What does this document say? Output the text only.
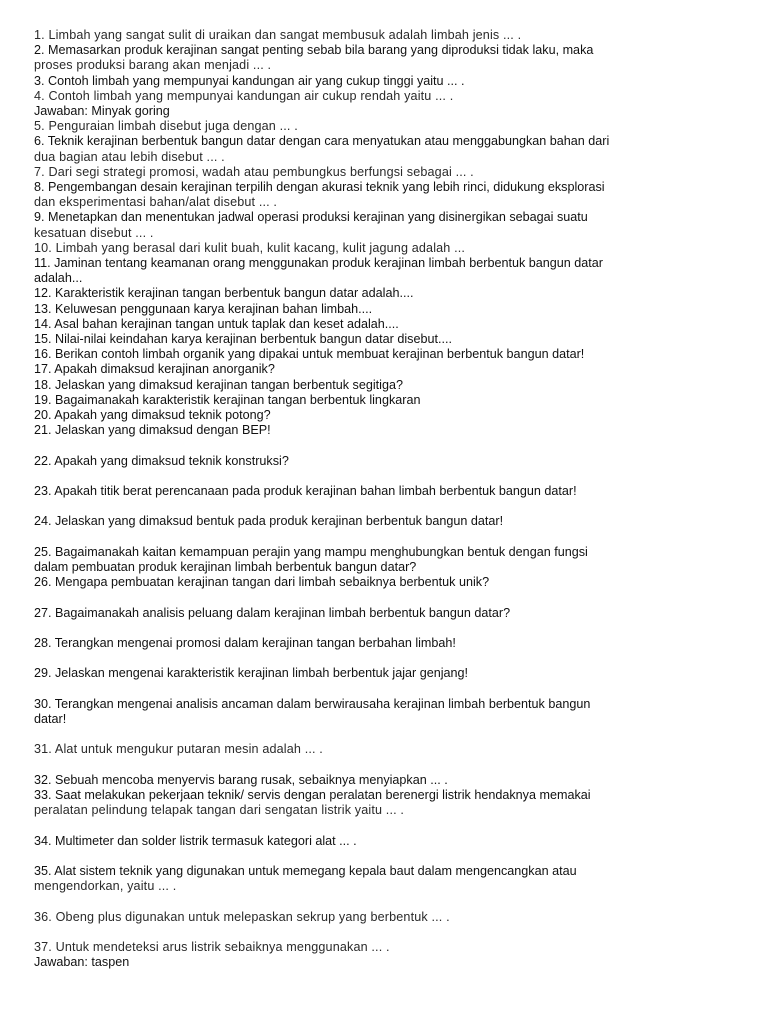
1. Limbah yang sangat sulit di uraikan dan sangat membusuk adalah limbah jenis ... .
2. Memasarkan produk kerajinan sangat penting sebab bila barang yang diproduksi tidak laku, maka
proses produksi barang akan menjadi ... .
3. Contoh limbah yang mempunyai kandungan air yang cukup tinggi yaitu ... .
4. Contoh limbah yang mempunyai kandungan air cukup rendah yaitu ... .
Jawaban: Minyak goring
5. Penguraian limbah disebut juga dengan ... .
6. Teknik kerajinan berbentuk bangun datar dengan cara menyatukan atau menggabungkan bahan dari
dua bagian atau lebih disebut ... .
7. Dari segi strategi promosi, wadah atau pembungkus berfungsi sebagai ... .
8. Pengembangan desain kerajinan terpilih dengan akurasi teknik yang lebih rinci, didukung eksplorasi
dan eksperimentasi bahan/alat disebut ... .
9. Menetapkan dan menentukan jadwal operasi produksi kerajinan yang disinergikan sebagai suatu
kesatuan disebut ... .
10. Limbah yang berasal dari kulit buah, kulit kacang, kulit jagung adalah ...
11. Jaminan tentang keamanan orang menggunakan produk kerajinan limbah berbentuk bangun datar
adalah...
12. Karakteristik kerajinan tangan berbentuk bangun datar adalah....
13. Keluwesan penggunaan karya kerajinan bahan limbah....
14. Asal bahan kerajinan tangan untuk taplak dan keset adalah....
15. Nilai-nilai keindahan karya kerajinan berbentuk bangun datar disebut....
16. Berikan contoh limbah organik yang dipakai untuk membuat kerajinan berbentuk bangun datar!
17. Apakah dimaksud kerajinan anorganik?
18. Jelaskan yang dimaksud kerajinan tangan berbentuk segitiga?
19. Bagaimanakah karakteristik kerajinan tangan berbentuk lingkaran
20. Apakah yang dimaksud teknik potong?
21. Jelaskan yang dimaksud dengan BEP!
22. Apakah yang dimaksud teknik konstruksi?
23. Apakah titik berat perencanaan pada produk kerajinan bahan limbah berbentuk bangun datar!
24. Jelaskan yang dimaksud bentuk pada produk kerajinan berbentuk bangun datar!
25. Bagaimanakah kaitan kemampuan perajin yang mampu menghubungkan bentuk dengan fungsi
dalam pembuatan produk kerajinan limbah berbentuk bangun datar?
26. Mengapa pembuatan kerajinan tangan dari limbah sebaiknya berbentuk unik?
27. Bagaimanakah analisis peluang dalam kerajinan limbah berbentuk bangun datar?
28. Terangkan mengenai promosi dalam kerajinan tangan berbahan limbah!
29. Jelaskan mengenai karakteristik kerajinan limbah berbentuk jajar genjang!
30. Terangkan mengenai analisis ancaman dalam berwirausaha kerajinan limbah berbentuk bangun
datar!
31. Alat untuk mengukur putaran mesin adalah ... .
32. Sebuah mencoba menyervis barang rusak, sebaiknya menyiapkan ... .
33. Saat melakukan pekerjaan teknik/ servis dengan peralatan berenergi listrik hendaknya memakai
peralatan pelindung telapak tangan dari sengatan listrik yaitu ... .
34. Multimeter dan solder listrik termasuk kategori alat ... .
35. Alat sistem teknik yang digunakan untuk memegang kepala baut dalam mengencangkan atau
mengendorkan, yaitu ... .
36. Obeng plus digunakan untuk melepaskan sekrup yang berbentuk ... .
37. Untuk mendeteksi arus listrik sebaiknya menggunakan ... .
Jawaban: taspen
